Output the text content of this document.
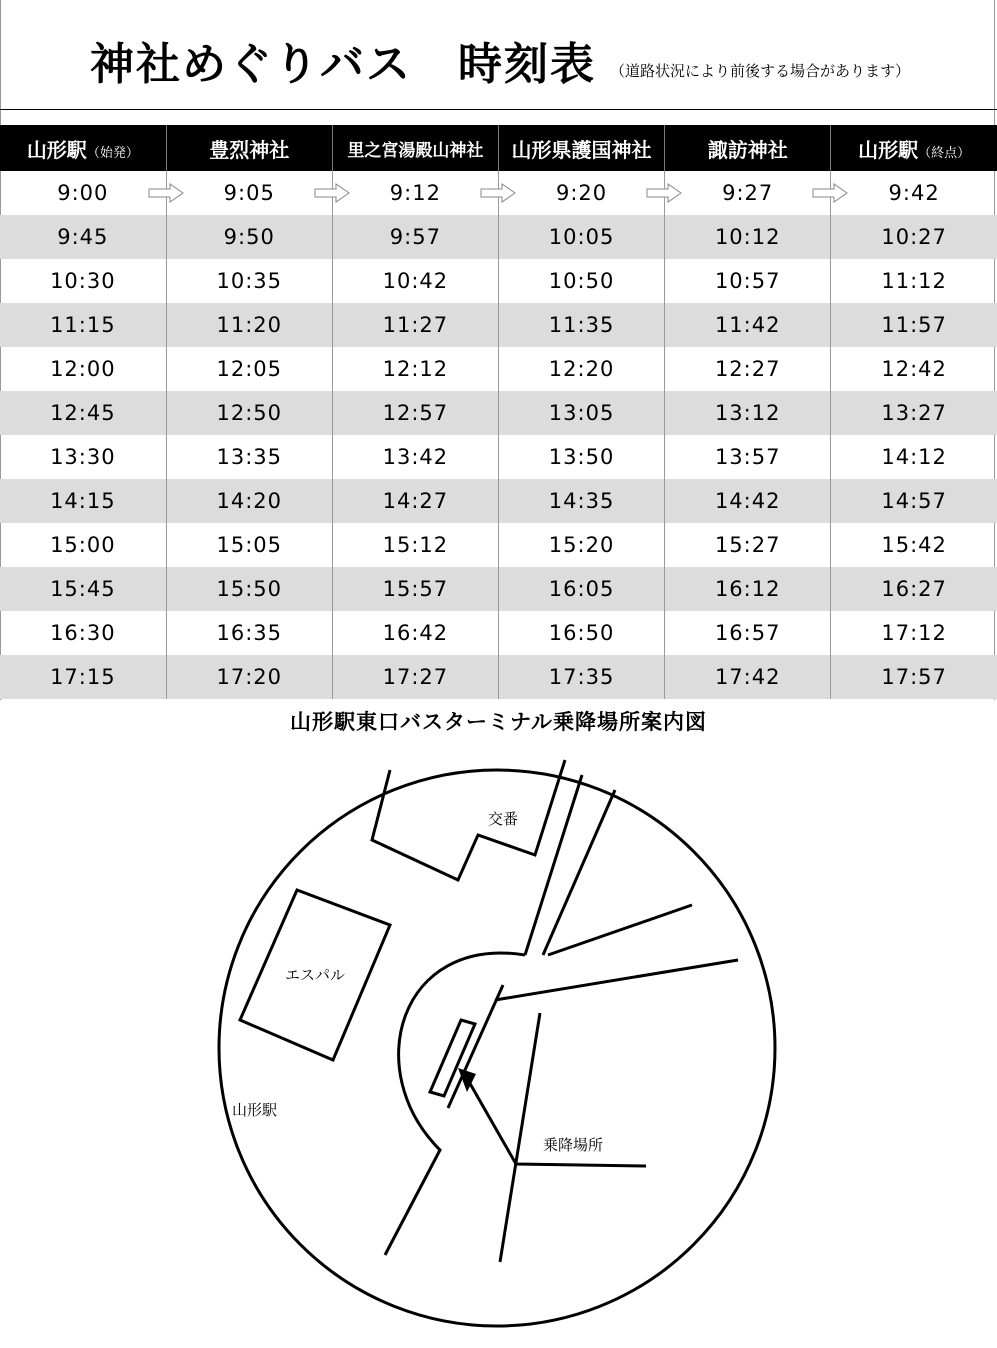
神社めぐりバス　時刻表 （道路状況により前後する場合があります）
山形駅（始発）	豊烈神社	里之宮湯殿山神社	山形県護国神社	諏訪神社	山形駅（終点）
9:00	9:05	9:12	9:20	9:27	9:42
9:45	9:50	9:57	10:05	10:12	10:27
10:30	10:35	10:42	10:50	10:57	11:12
11:15	11:20	11:27	11:35	11:42	11:57
12:00	12:05	12:12	12:20	12:27	12:42
12:45	12:50	12:57	13:05	13:12	13:27
13:30	13:35	13:42	13:50	13:57	14:12
14:15	14:20	14:27	14:35	14:42	14:57
15:00	15:05	15:12	15:20	15:27	15:42
15:45	15:50	15:57	16:05	16:12	16:27
16:30	16:35	16:42	16:50	16:57	17:12
17:15	17:20	17:27	17:35	17:42	17:57
山形駅東口バスターミナル乗降場所案内図
交番
エスパル
山形駅
乗降場所
